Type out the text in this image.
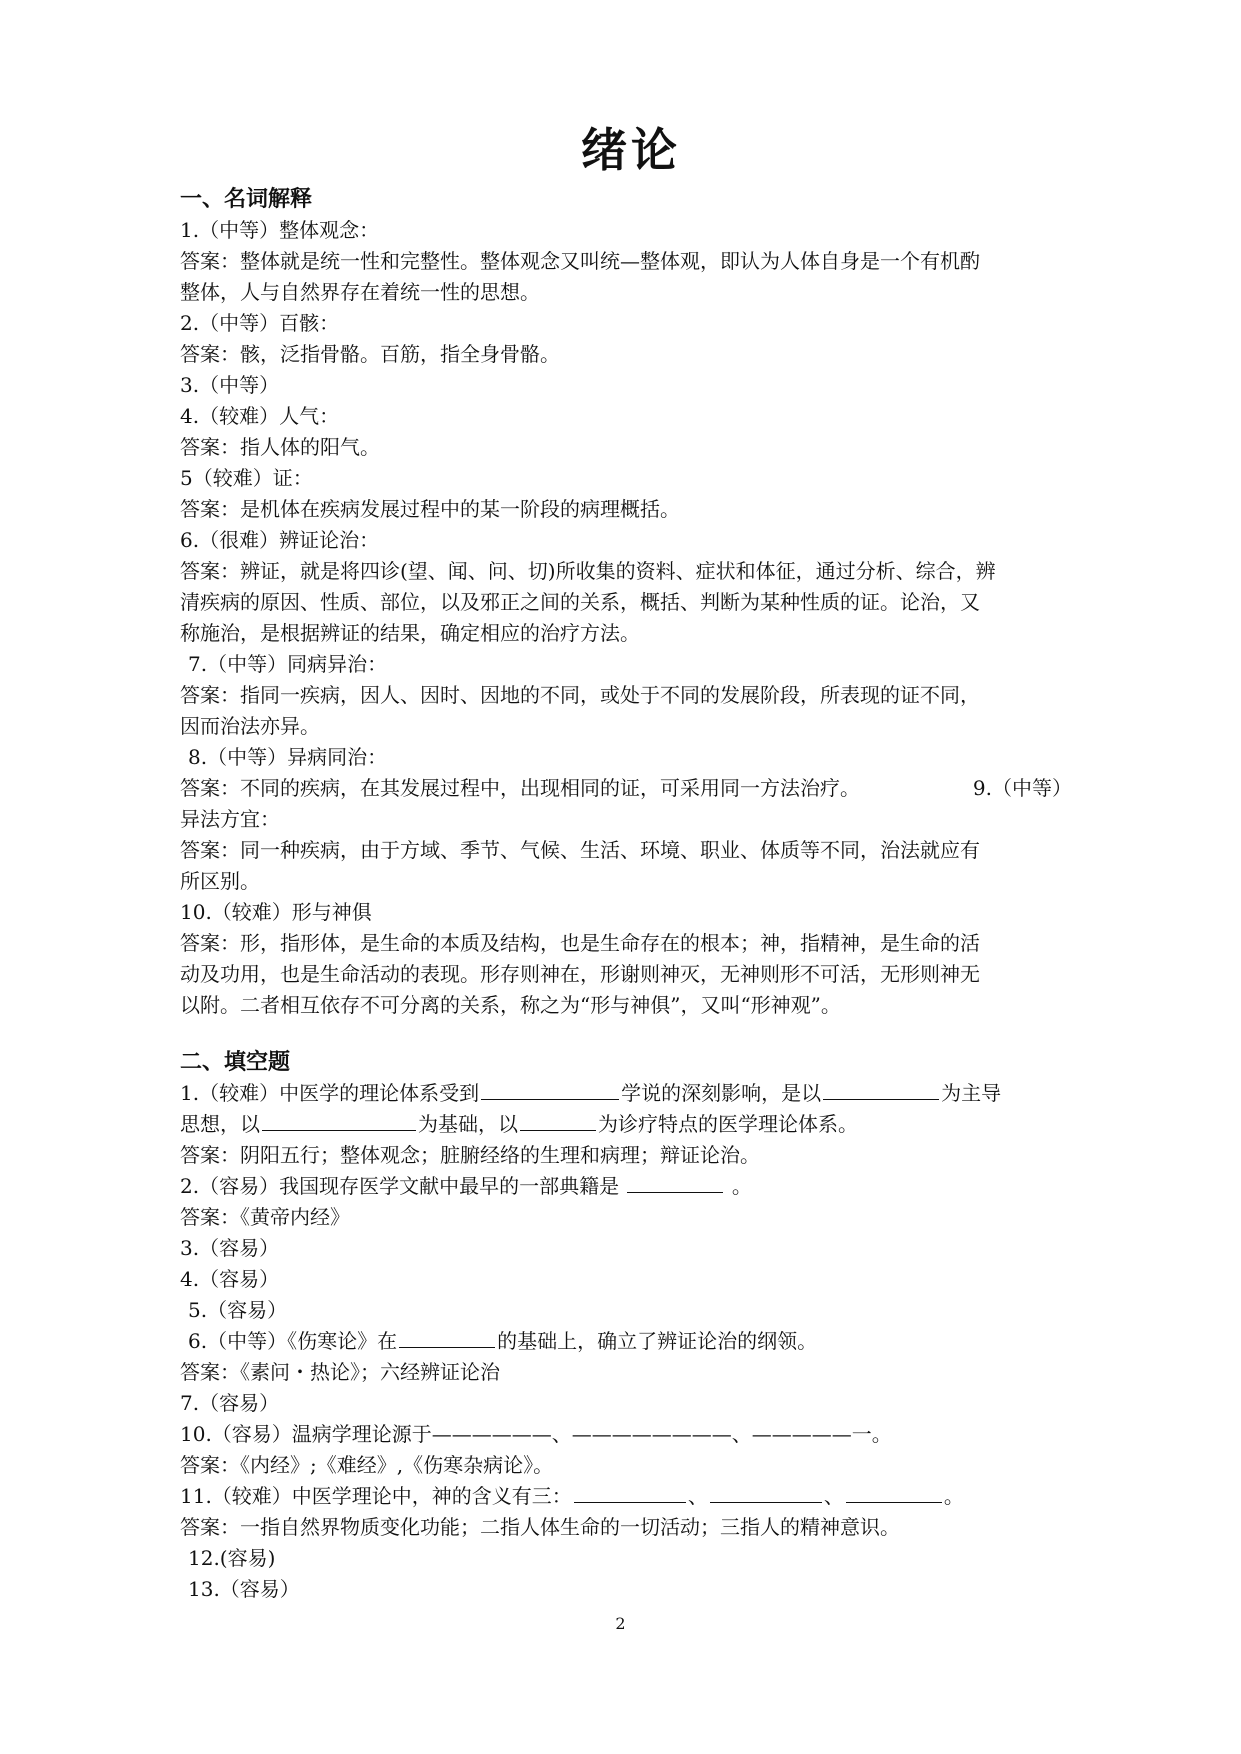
绪论
一、名词解释

1.（中等）整体观念：

答案：整体就是统一性和完整性。整体观念又叫统—整体观，即认为人体自身是一个有机酌

整体，人与自然界存在着统一性的思想。

2.（中等）百骸：

答案：骸，泛指骨骼。百筋，指全身骨骼。

3.（中等）

4.（较难）人气：

答案：指人体的阳气。

5（较难）证：

答案：是机体在疾病发展过程中的某一阶段的病理概括。

6.（很难）辨证论治：

答案：辨证，就是将四诊(望、闻、问、切)所收集的资料、症状和体征，通过分析、综合，辨

清疾病的原因、性质、部位，以及邪正之间的关系，概括、判断为某种性质的证。论治，又

称施治，是根据辨证的结果，确定相应的治疗方法。

7.（中等）同病异治：

答案：指同一疾病，因人、因时、因地的不同，或处于不同的发展阶段，所表现的证不同，

因而治法亦异。

8.（中等）异病同治：

答案：不同的疾病，在其发展过程中，出现相同的证，可采用同一方法治疗。	9.（中等）

异法方宜：

答案：同一种疾病，由于方域、季节、气候、生活、环境、职业、体质等不同，治法就应有

所区别。

10.（较难）形与神俱

答案：形，指形体，是生命的本质及结构，也是生命存在的根本；神，指精神，是生命的活

动及功用，也是生命活动的表现。形存则神在，形谢则神灭，无神则形不可活，无形则神无

以附。二者相互依存不可分离的关系，称之为“形与神俱”，又叫“形神观”。

二、填空题

1.（较难）中医学的理论体系受到	学说的深刻影响，是以	为主导

思想，以	为基础，以	为诊疗特点的医学理论体系。

答案：阴阳五行；整体观念；脏腑经络的生理和病理；辩证论治。

2.（容易）我国现存医学文献中最早的一部典籍是	。

答案：《黄帝内经》

3.（容易）

4.（容易）

5.（容易）

6.（中等）《伤寒论》在	的基础上，确立了辨证论治的纲领。

答案：《素问・热论》；六经辨证论治

7.（容易）

10.（容易）温病学理论源于——————、————————、—————一。

答案：《内经》;《难经》,《伤寒杂病论》。

11.（较难）中医学理论中，神的含义有三：	、	、	。

答案：一指自然界物质变化功能；二指人体生命的一切活动；三指人的精神意识。

12.(容易)

13.（容易）

2
